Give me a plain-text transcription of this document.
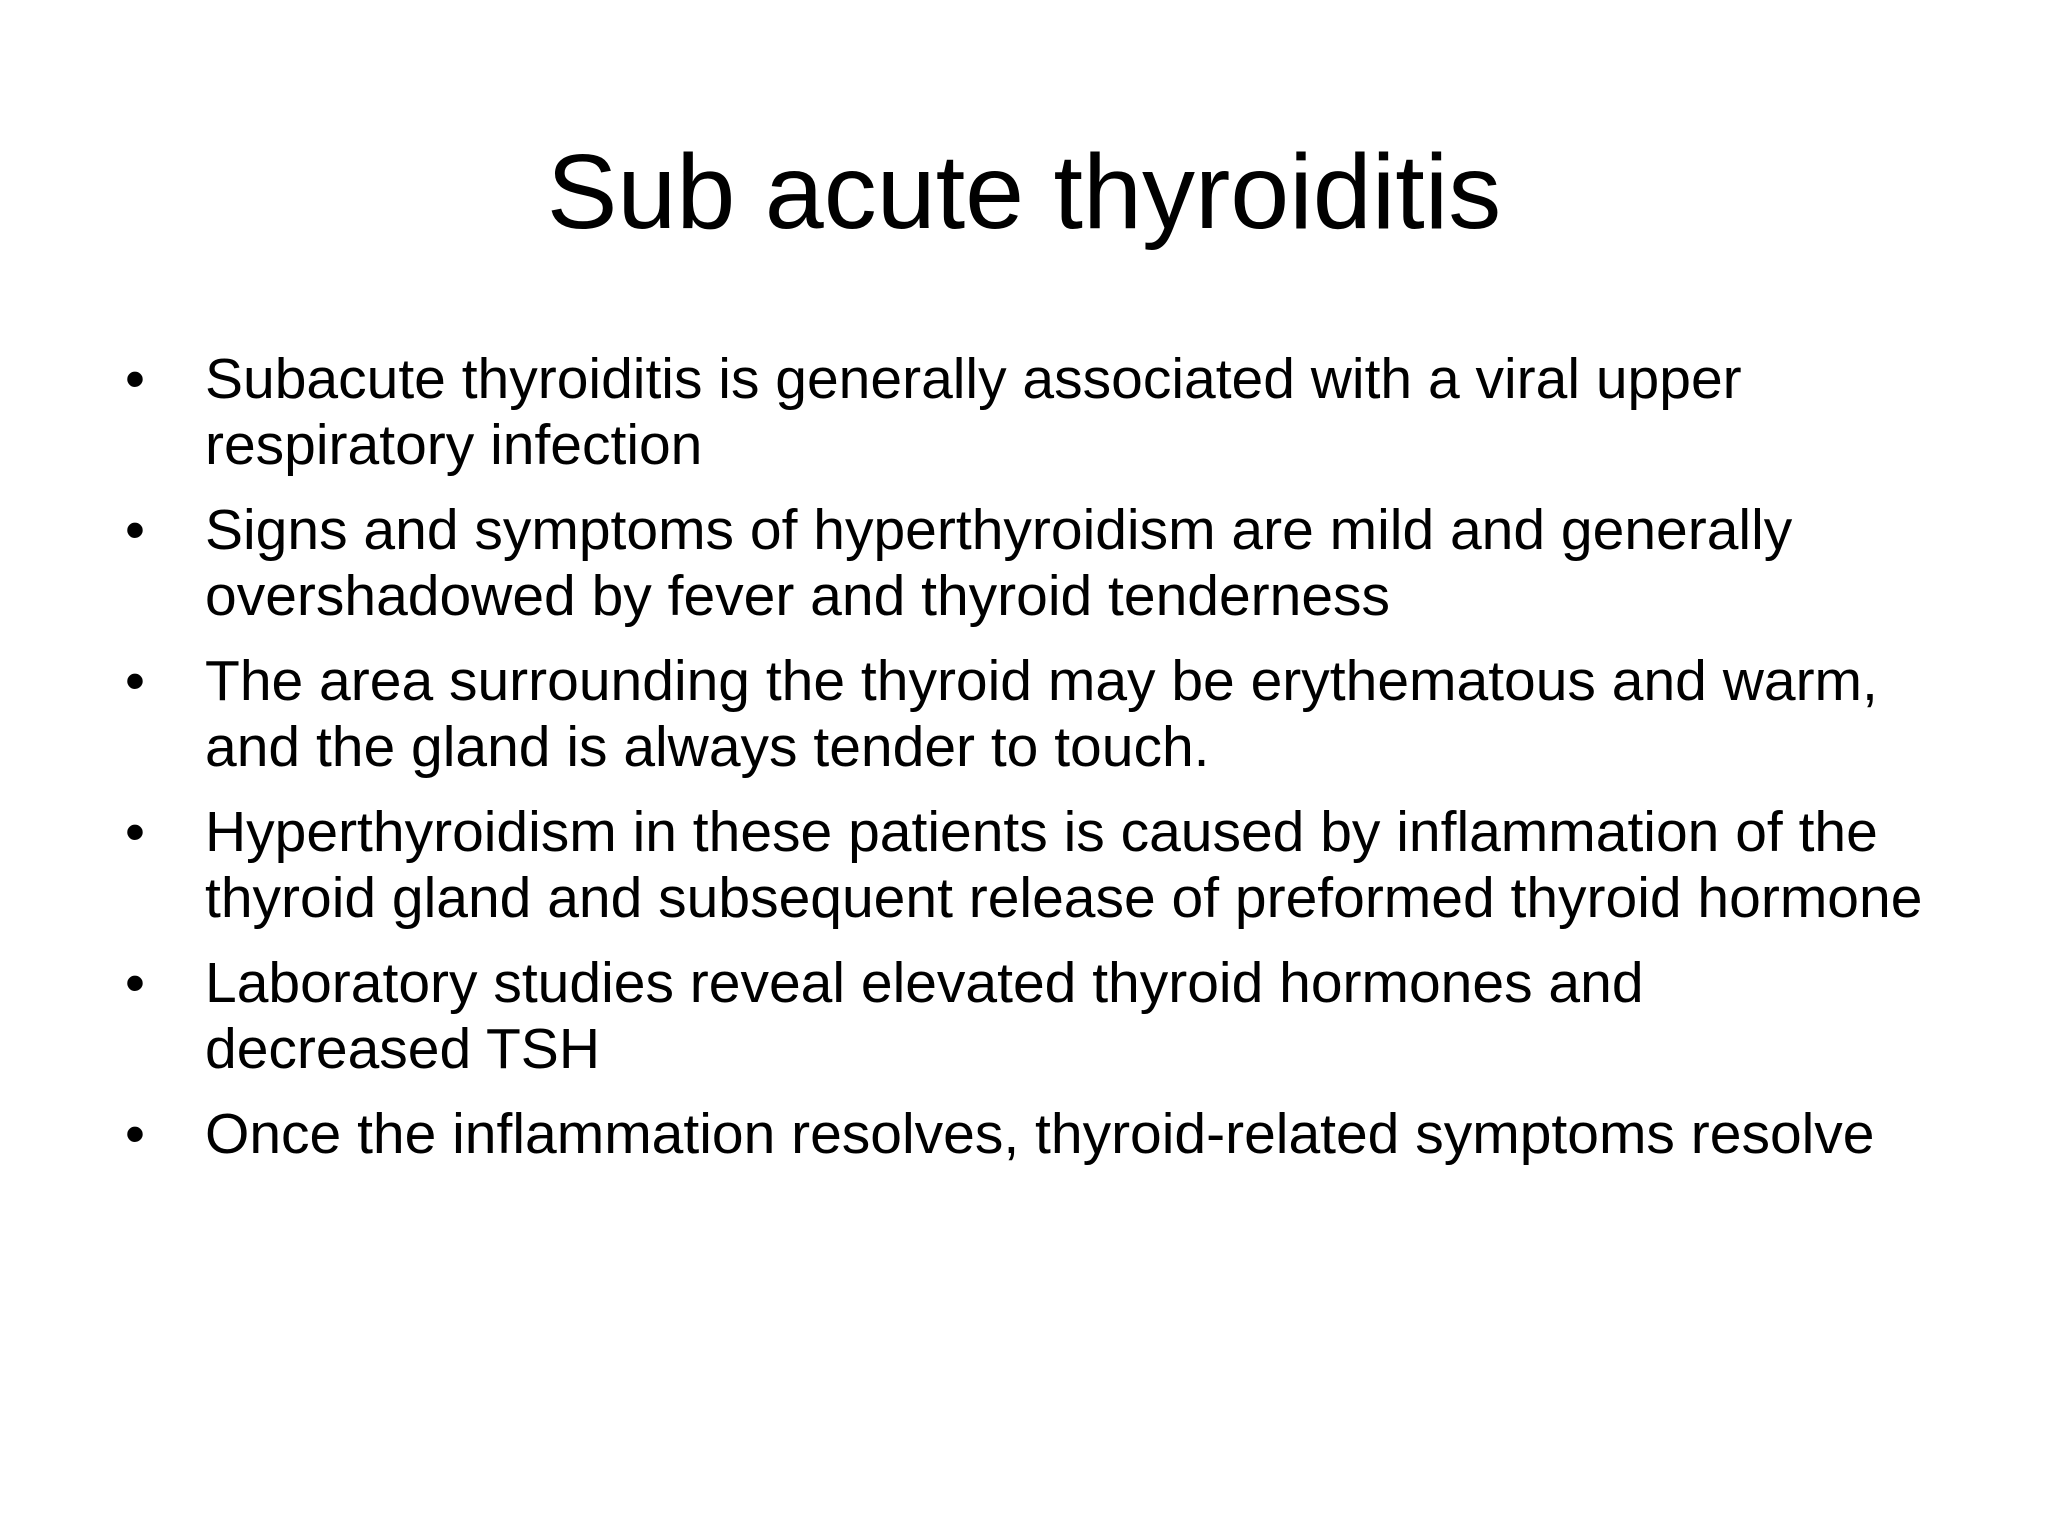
Sub acute thyroiditis
•	Subacute thyroiditis is generally associated with a viral upper respiratory infection
•	Signs and symptoms of hyperthyroidism are mild and generally overshadowed by fever and thyroid tenderness
•	The area surrounding the thyroid may be erythematous and warm, and the gland is always tender to touch.
•	Hyperthyroidism in these patients is caused by inflammation of the thyroid gland and subsequent release of preformed thyroid hormone
•	Laboratory studies reveal elevated thyroid hormones and decreased TSH
•	Once the inflammation resolves, thyroid-related symptoms resolve
